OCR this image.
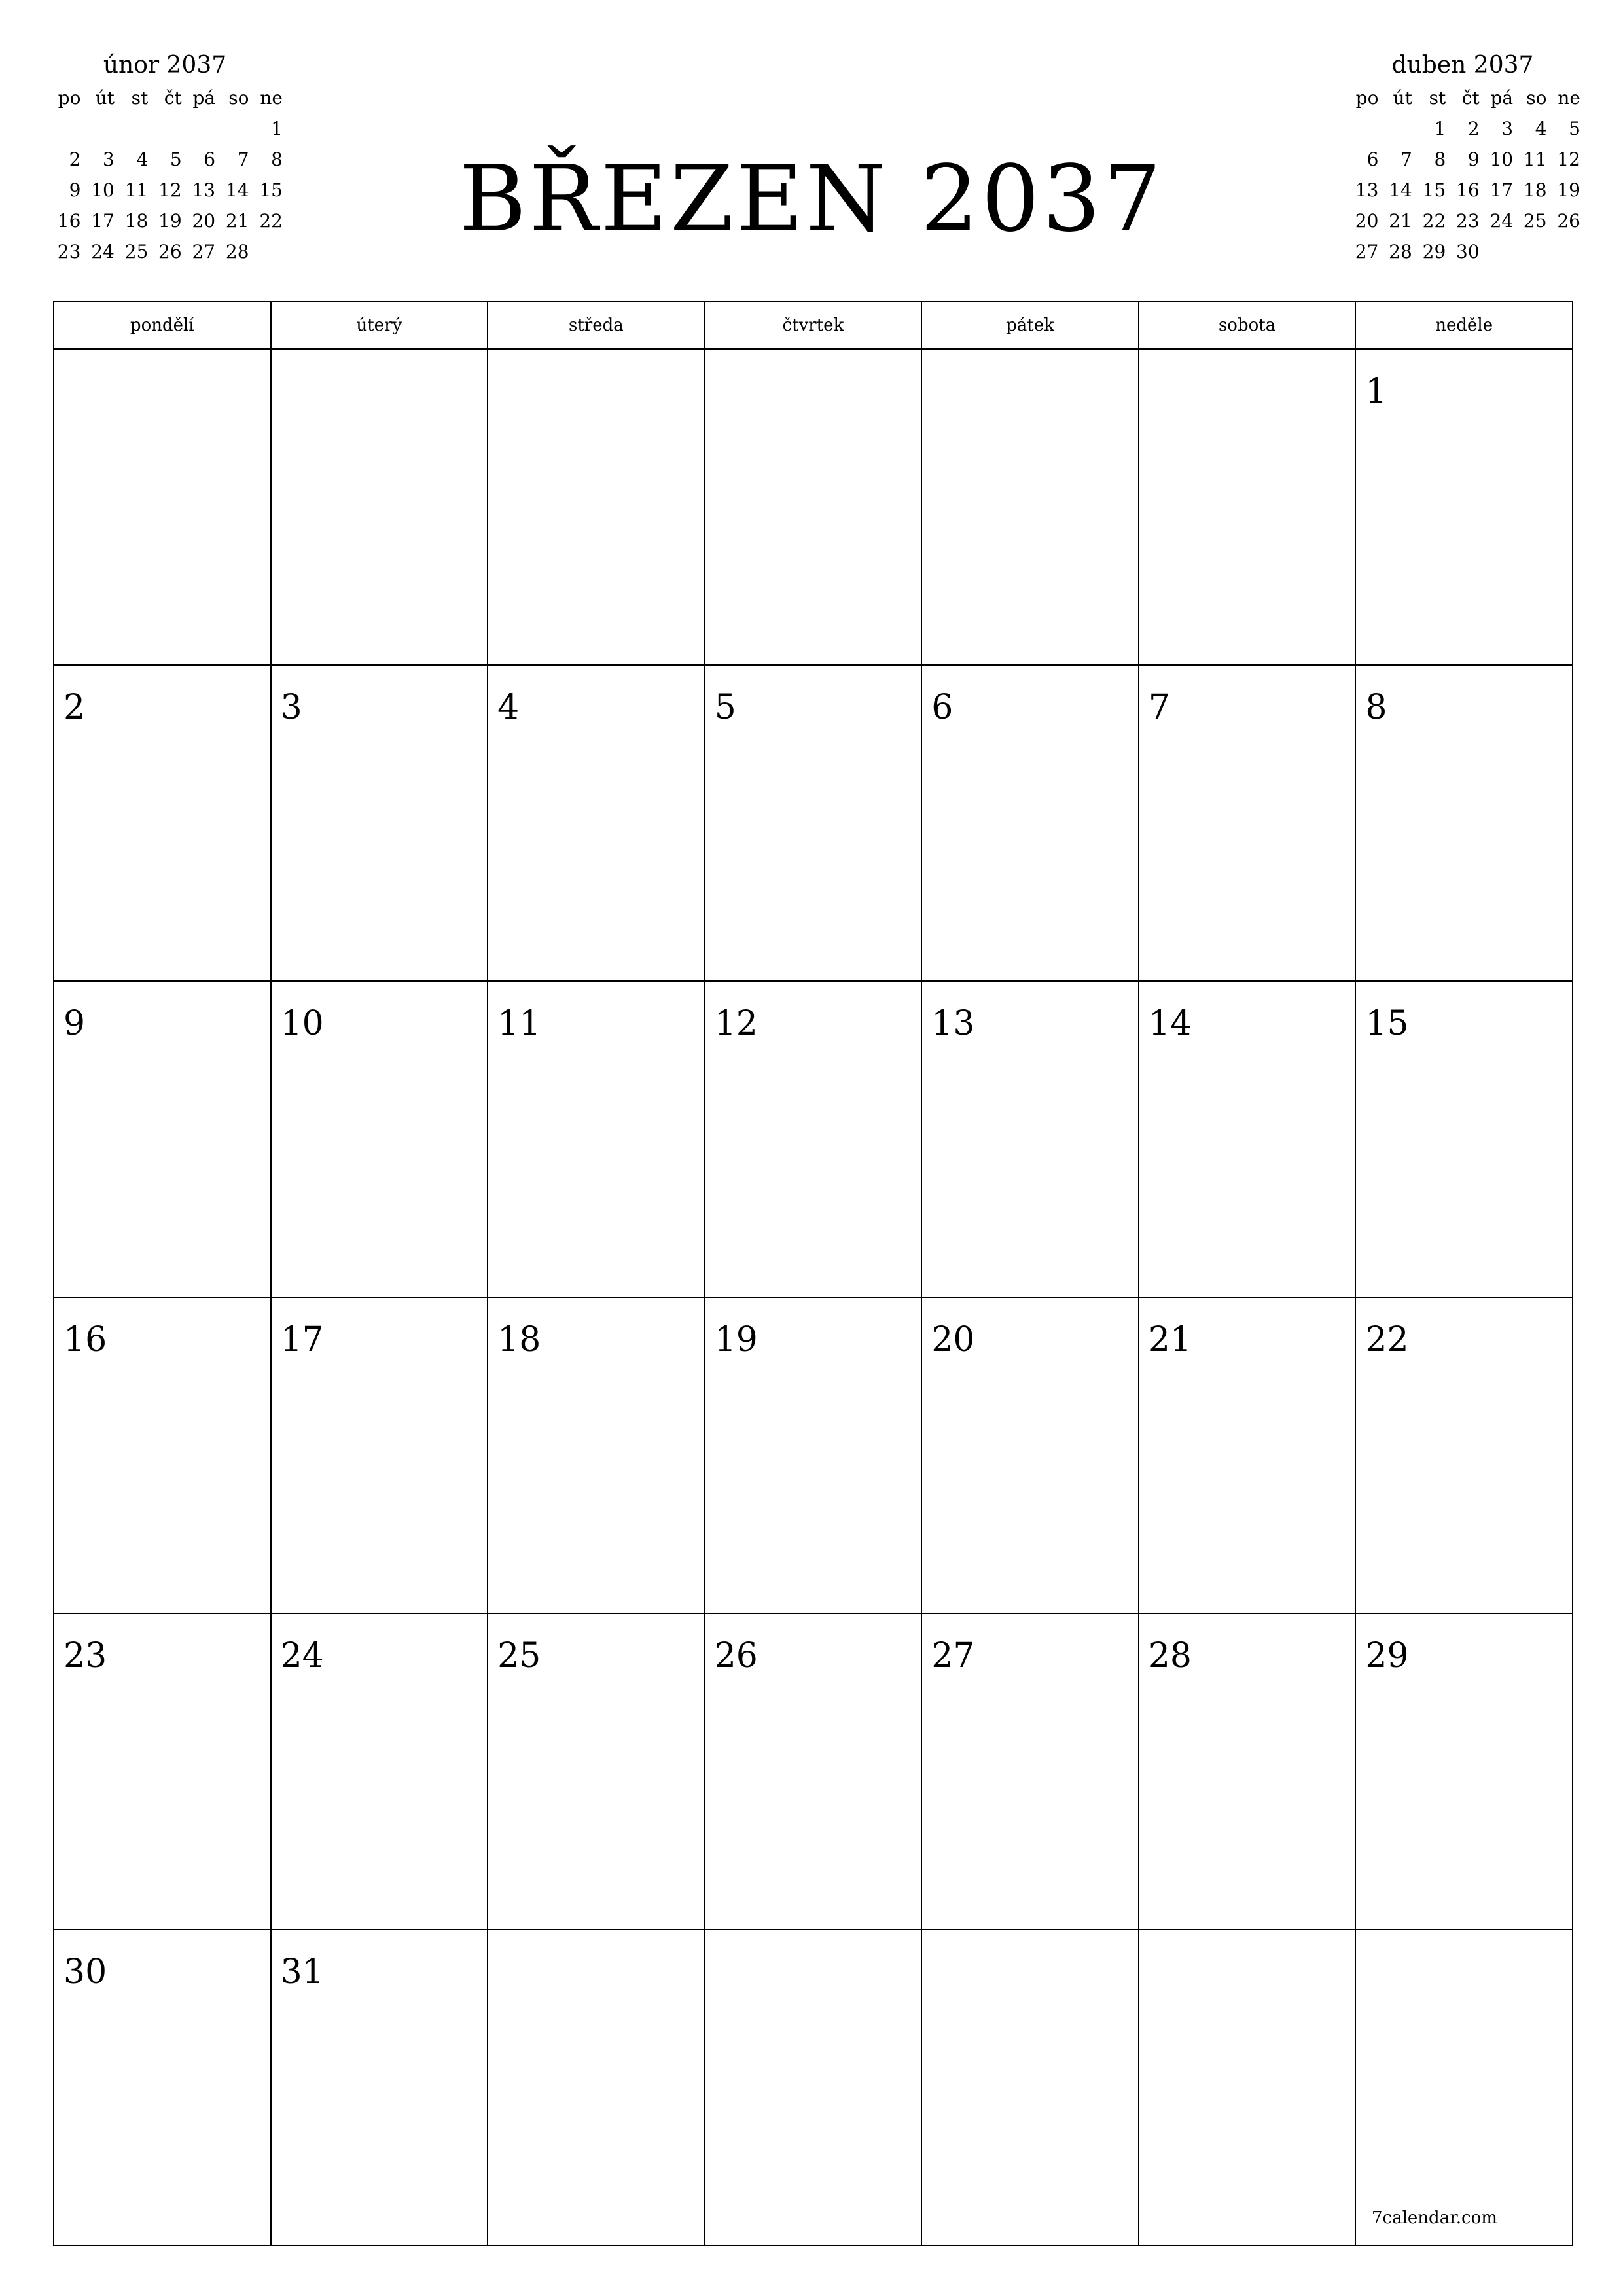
únor 2037
po	út	st	čt	pá	so	ne
						1
2	3	4	5	6	7	8
9	10	11	12	13	14	15
16	17	18	19	20	21	22
23	24	25	26	27	28		BŘEZEN 2037
duben 2037
po	út	st	čt	pá	so	ne
		1	2	3	4	5
6	7	8	9	10	11	12
13	14	15	16	17	18	19
20	21	22	23	24	25	26
27	28	29	30			
pondělí	úterý	středa	čtvrtek	pátek	sobota	neděle

						1

2	3	4	5	6	7	8

9	10	11	12	13	14	15

16	17	18	19	20	21	22

23	24	25	26	27	28	29

30	31					

7calendar.com
